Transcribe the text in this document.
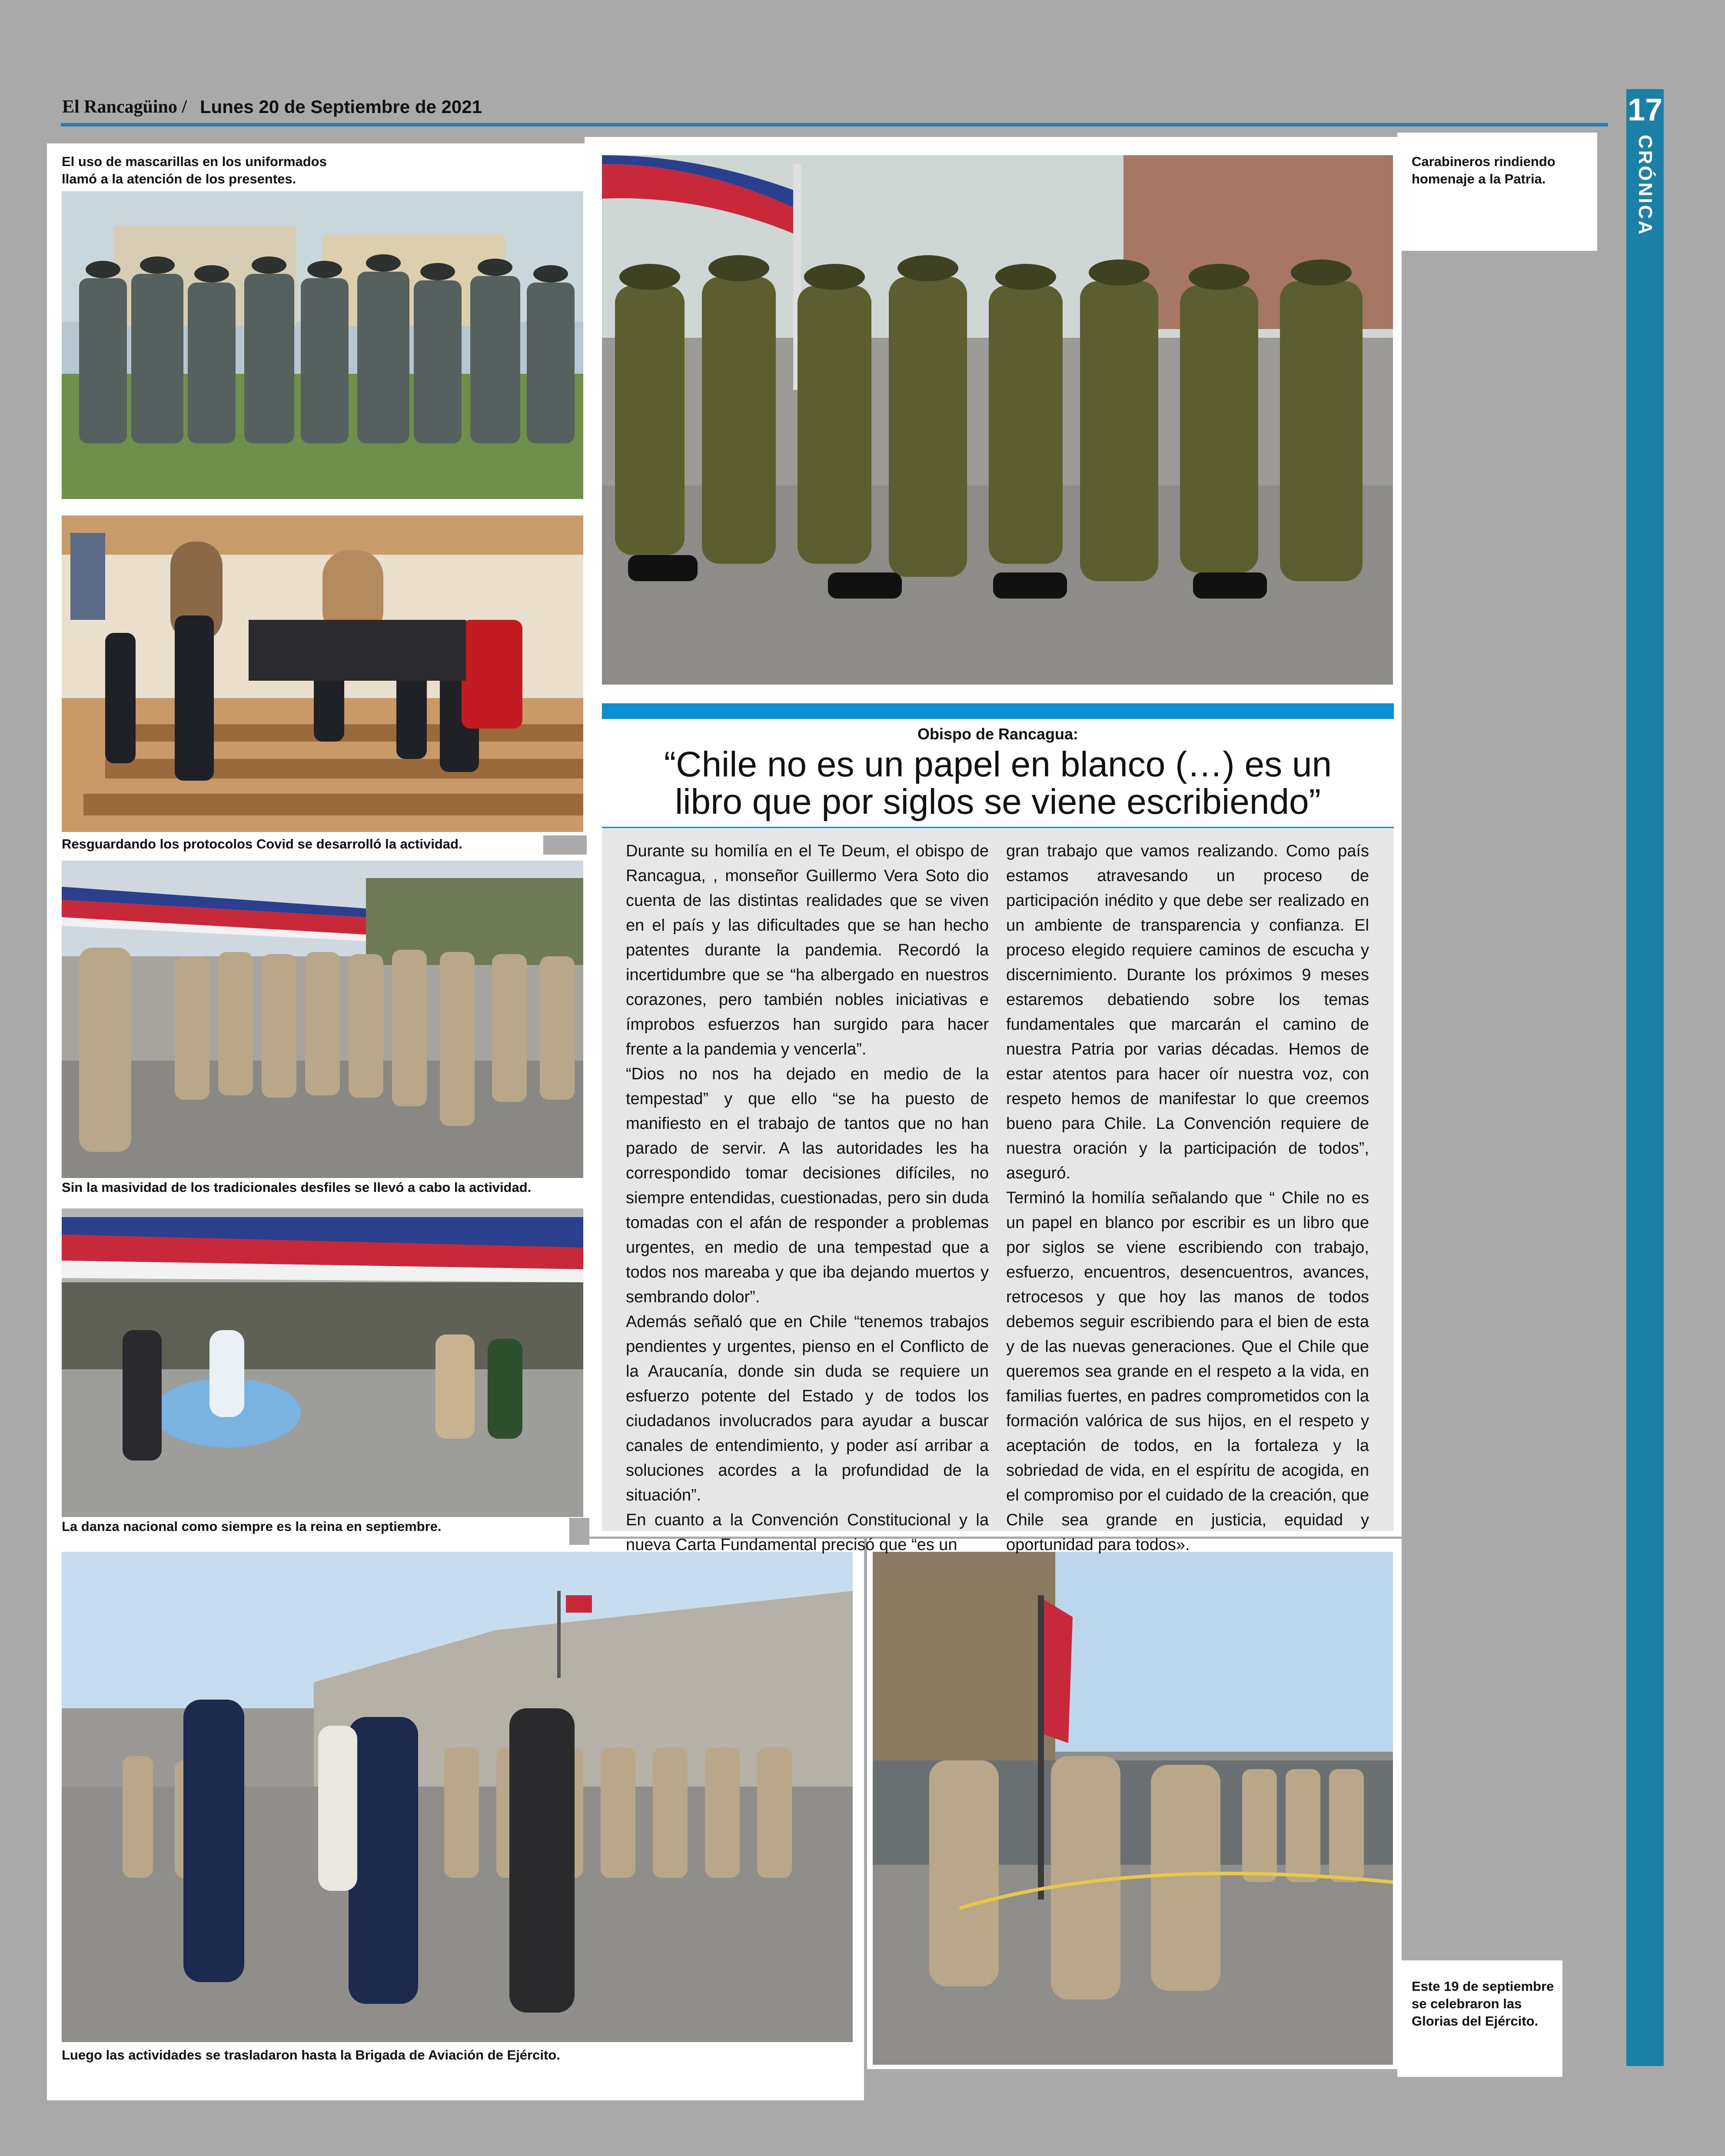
El Rancagüino / Lunes 20 de Septiembre de 2021	17
CRÓNICA
El uso de mascarillas en los uniformados llamó a la atención de los presentes.
Carabineros rindiendo homenaje a la Patria.
Resguardando los protocolos Covid se desarrolló la actividad.
Sin la masividad de los tradicionales desfiles se llevó a cabo la actividad.
La danza nacional como siempre es la reina en septiembre.
Luego las actividades se trasladaron hasta la Brigada de Aviación de Ejército.
Este 19 de septiembre se celebraron las Glorias del Ejército.
Obispo de Rancagua:
“Chile no es un papel en blanco (…) es un
libro que por siglos se viene escribiendo”

Durante su homilía en el Te Deum, el obispo de Rancagua, , monseñor Guillermo Vera Soto dio cuenta de las distintas realidades que se viven en el país y las dificultades que se han hecho patentes durante la pandemia. Recordó la incertidumbre que se “ha albergado en nuestros corazones, pero también nobles iniciativas e ímprobos esfuerzos han surgido para hacer frente a la pandemia y vencerla”.

“Dios no nos ha dejado en medio de la tempestad” y que ello “se ha puesto de manifiesto en el trabajo de tantos que no han parado de servir. A las autoridades les ha correspondido tomar decisiones difíciles, no siempre entendidas, cuestionadas, pero sin duda tomadas con el afán de responder a problemas urgentes, en medio de una tempestad que a todos nos mareaba y que iba dejando muertos y sembrando dolor”.

Además señaló que en Chile “tenemos trabajos pendientes y urgentes, pienso en el Conflicto de la Araucanía, donde sin duda se requiere un esfuerzo potente del Estado y de todos los ciudadanos involucrados para ayudar a buscar canales de entendimiento, y poder así arribar a soluciones acordes a la profundidad de la situación”.

En cuanto a la Convención Constitucional y la nueva Carta Fundamental precisó que “es un

gran trabajo que vamos realizando. Como país estamos atravesando un proceso de participación inédito y que debe ser realizado en un ambiente de transparencia y confianza. El proceso elegido requiere caminos de escucha y discernimiento. Durante los próximos 9 meses estaremos debatiendo sobre los temas fundamentales que marcarán el camino de nuestra Patria por varias décadas. Hemos de estar atentos para hacer oír nuestra voz, con respeto hemos de manifestar lo que creemos bueno para Chile. La Convención requiere de nuestra oración y la participación de todos”, aseguró.

Terminó la homilía señalando que “ Chile no es un papel en blanco por escribir es un libro que por siglos se viene escribiendo con trabajo, esfuerzo, encuentros, desencuentros, avances, retrocesos y que hoy las manos de todos debemos seguir escribiendo para el bien de esta y de las nuevas generaciones. Que el Chile que queremos sea grande en el respeto a la vida, en familias fuertes, en padres comprometidos con la formación valórica de sus hijos, en el respeto y aceptación de todos, en la fortaleza y la sobriedad de vida, en el espíritu de acogida, en el compromiso por el cuidado de la creación, que Chile sea grande en justicia, equidad y oportunidad para todos».
